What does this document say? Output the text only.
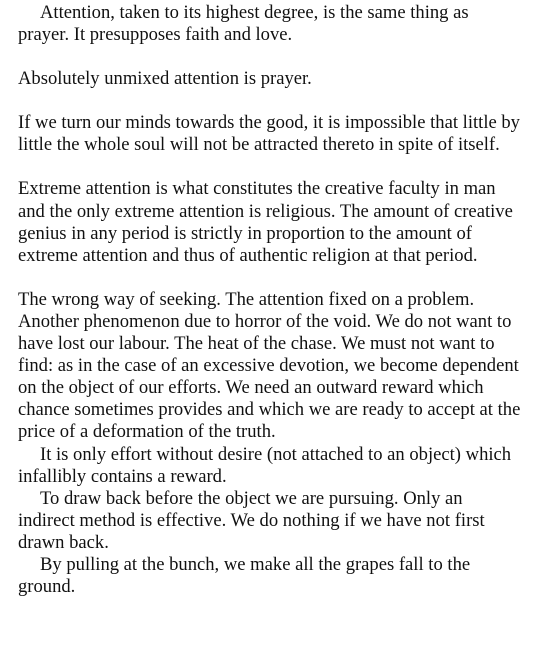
Attention, taken to its highest degree, is the same thing as prayer. It presupposes faith and love.

Absolutely unmixed attention is prayer.

If we turn our minds towards the good, it is impossible that little by little the whole soul will not be attracted thereto in spite of itself.

Extreme attention is what constitutes the creative faculty in man and the only extreme attention is religious. The amount of creative genius in any period is strictly in proportion to the amount of extreme attention and thus of authentic religion at that period.

The wrong way of seeking. The attention fixed on a problem. Another phenomenon due to horror of the void. We do not want to have lost our labour. The heat of the chase. We must not want to find: as in the case of an excessive devotion, we become dependent on the object of our efforts. We need an outward reward which chance sometimes provides and which we are ready to accept at the price of a deformation of the truth.

It is only effort without desire (not attached to an object) which infallibly contains a reward.

To draw back before the object we are pursuing. Only an indirect method is effective. We do nothing if we have not first drawn back.

By pulling at the bunch, we make all the grapes fall to the ground.
